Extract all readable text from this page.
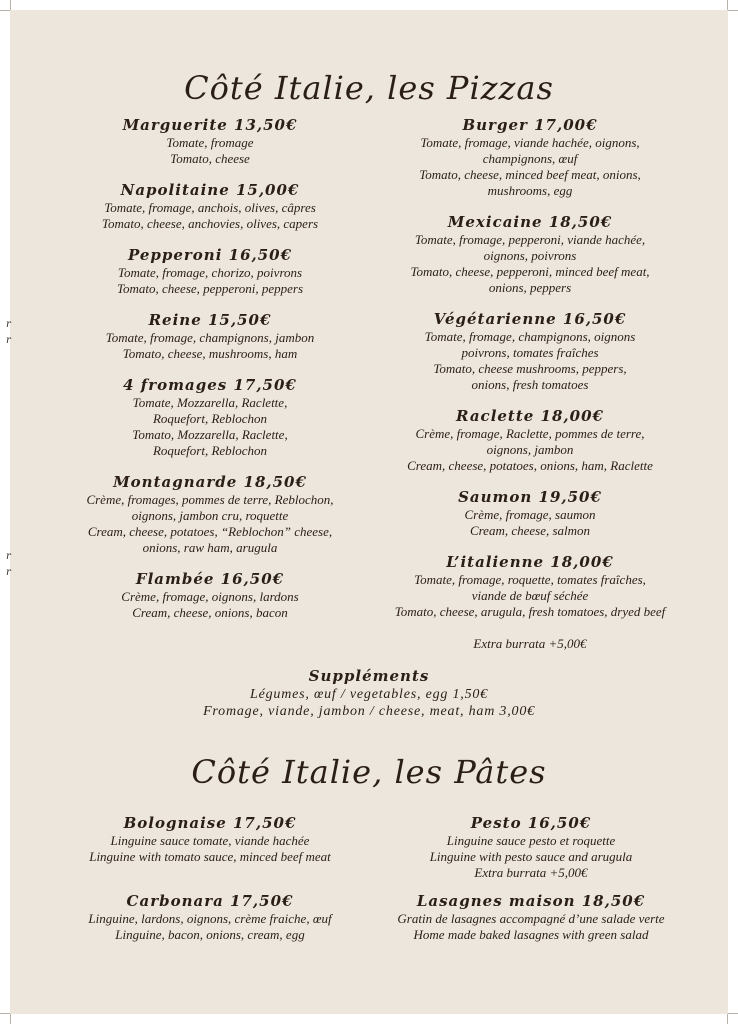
r
r
r
r
Côté Italie, les Pizzas
Marguerite 13,50€
Tomate, fromage
Tomato, cheese
Napolitaine 15,00€
Tomate, fromage, anchois, olives, câpres
Tomato, cheese, anchovies, olives, capers
Pepperoni 16,50€
Tomate, fromage, chorizo, poivrons
Tomato, cheese, pepperoni, peppers
Reine 15,50€
Tomate, fromage, champignons, jambon
Tomato, cheese, mushrooms, ham
4 fromages 17,50€
Tomate, Mozzarella, Raclette,
Roquefort, Reblochon
Tomato, Mozzarella, Raclette,
Roquefort, Reblochon
Montagnarde 18,50€
Crème, fromages, pommes de terre, Reblochon,
oignons, jambon cru, roquette
Cream, cheese, potatoes, “Reblochon” cheese,
onions, raw ham, arugula
Flambée 16,50€
Crème, fromage, oignons, lardons
Cream, cheese, onions, bacon
Burger 17,00€
Tomate, fromage, viande hachée, oignons,
champignons, œuf
Tomato, cheese, minced beef meat, onions,
mushrooms, egg
Mexicaine 18,50€
Tomate, fromage, pepperoni, viande hachée,
oignons, poivrons
Tomato, cheese, pepperoni, minced beef meat,
onions, peppers
Végétarienne 16,50€
Tomate, fromage, champignons, oignons
poivrons, tomates fraîches
Tomato, cheese mushrooms, peppers,
onions, fresh tomatoes
Raclette 18,00€
Crème, fromage, Raclette, pommes de terre,
oignons, jambon
Cream, cheese, potatoes, onions, ham, Raclette
Saumon 19,50€
Crème, fromage, saumon
Cream, cheese, salmon
L’italienne 18,00€
Tomate, fromage, roquette, tomates fraîches,
viande de bœuf séchée
Tomato, cheese, arugula, fresh tomatoes, dryed beef
Extra burrata +5,00€
Suppléments
Légumes, œuf / vegetables, egg 1,50€
Fromage, viande, jambon / cheese, meat, ham 3,00€
Côté Italie, les Pâtes
Bolognaise 17,50€
Linguine sauce tomate, viande hachée
Linguine with tomato sauce, minced beef meat
Carbonara 17,50€
Linguine, lardons, oignons, crème fraiche, œuf
Linguine, bacon, onions, cream, egg
Pesto 16,50€
Linguine sauce pesto et roquette
Linguine with pesto sauce and arugula
Extra burrata +5,00€
Lasagnes maison 18,50€
Gratin de lasagnes accompagné d’une salade verte
Home made baked lasagnes with green salad
